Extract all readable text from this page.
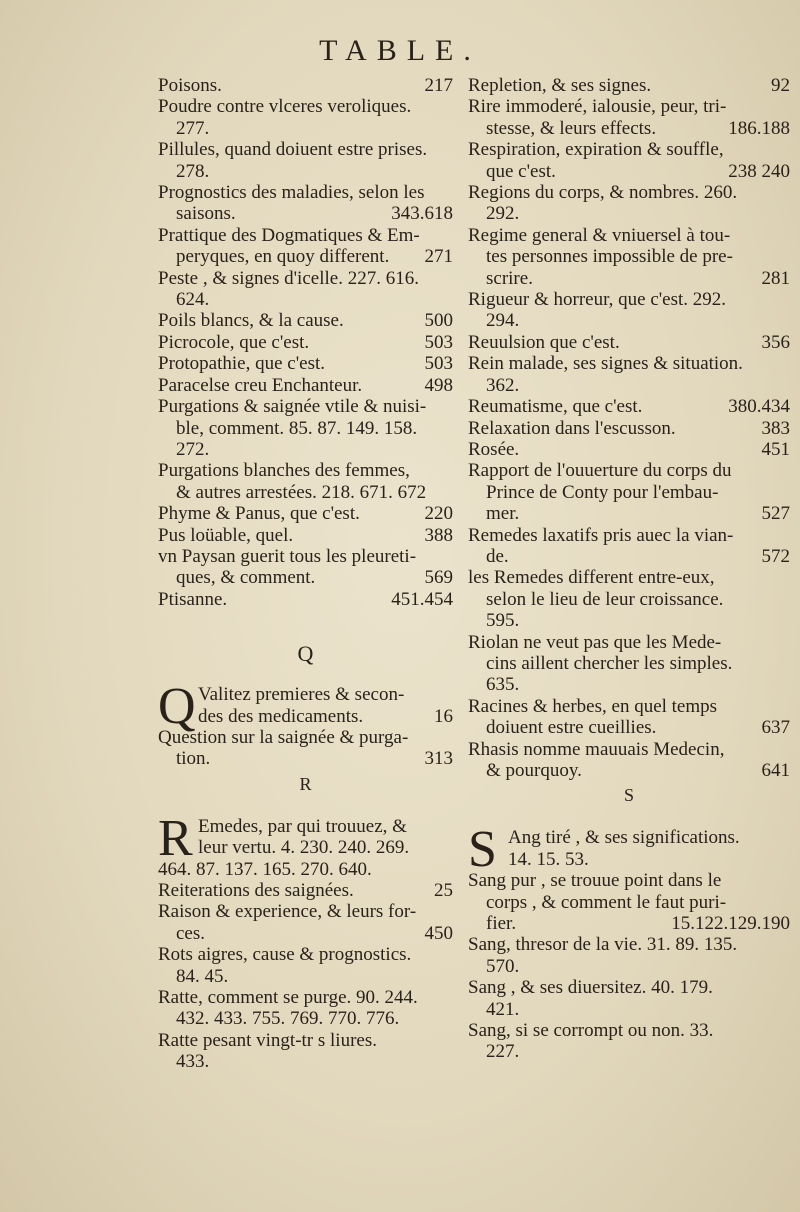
TABLE.
Poisons.	217
Poudre contre vlceres veroliques.
277.
Pillules, quand doiuent estre prises.
278.
Prognostics des maladies, selon les
saisons.	343.618
Prattique des Dogmatiques & Em-
peryques, en quoy different. 271
Peste , & signes d'icelle. 227. 616.
624.
Poils blancs, & la cause.	500
Picrocole, que c'est.	503
Protopathie, que c'est.	503
Paracelse creu Enchanteur.	498
Purgations & saignée vtile & nuisi-
ble, comment. 85. 87. 149. 158.
272.
Purgations blanches des femmes,
& autres arrestées. 218. 671. 672
Phyme & Panus, que c'est.	220
Pus loüable, quel.	388
vn Paysan guerit tous les pleureti-
ques, & comment.	569
Ptisanne.	451.454
Q
Q Valitez premieres & secon-
des des medicaments.	16
Question sur la saignée & purga-
tion.	313
R
R Emedes, par qui trouuez, &
leur vertu. 4. 230. 240. 269.
464. 87. 137. 165. 270. 640.
Reiterations des saignées.	25
Raison & experience, & leurs for-
ces.	450
Rots aigres, cause & prognostics.
84. 45.
Ratte, comment se purge. 90. 244.
432. 433. 755. 769. 770. 776.
Ratte pesant vingt-tr s liures.
433.
Repletion, & ses signes.	92
Rire immoderé, ialousie, peur, tri-
stesse, & leurs effects.	186.188
Respiration, expiration & souffle,
que c'est.	238 240
Regions du corps, & nombres. 260.
292.
Regime general & vniuersel à tou-
tes personnes impossible de pre-
scrire.	281
Rigueur & horreur, que c'est. 292.
294.
Reuulsion que c'est.	356
Rein malade, ses signes & situation.
362.
Reumatisme, que c'est.	380.434
Relaxation dans l'escusson.	383
Rosée.	451
Rapport de l'ouuerture du corps du
Prince de Conty pour l'embau-
mer.	527
Remedes laxatifs pris auec la vian-
de.	572
les Remedes different entre-eux,
selon le lieu de leur croissance.
595.
Riolan ne veut pas que les Mede-
cins aillent chercher les simples.
635.
Racines & herbes, en quel temps
doiuent estre cueillies.	637
Rhasis nomme mauuais Medecin,
& pourquoy.	641
S
S Ang tiré , & ses significations.
14. 15. 53.
Sang pur , se trouue point dans le
corps , & comment le faut puri-
fier.	15.122.129.190
Sang, thresor de la vie. 31. 89. 135.
570.
Sang , & ses diuersitez. 40. 179.
421.
Sang, si se corrompt ou non. 33.
227.
